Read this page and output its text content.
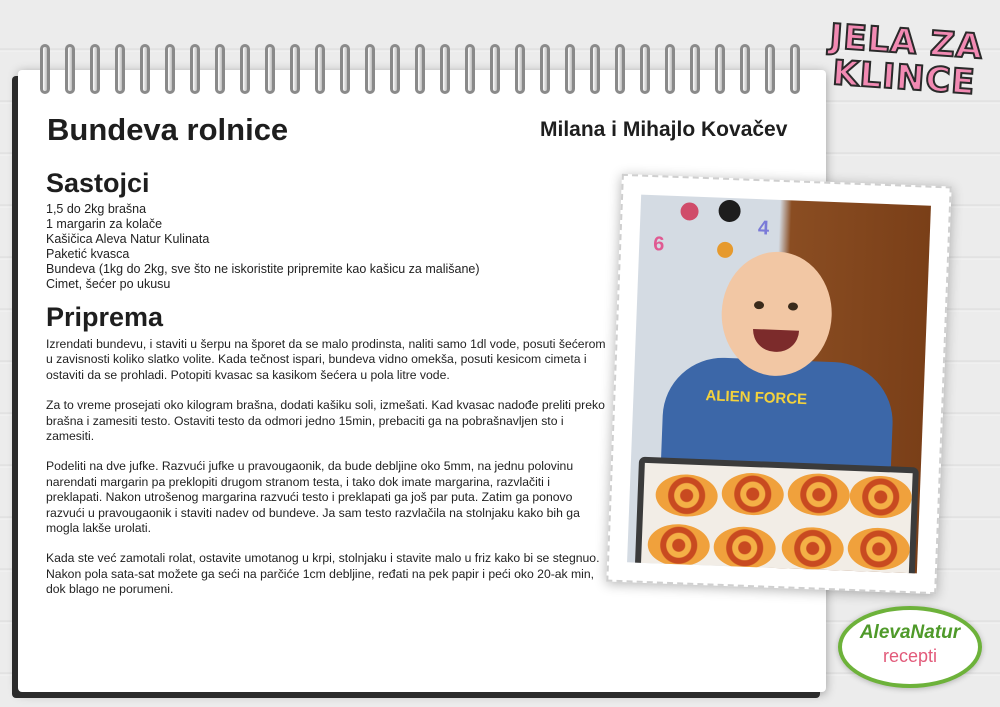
JELA ZA
KLINCE
Bundeva rolnice	Milana i Mihajlo Kovačev
Sastojci
1,5 do 2kg brašna
1 margarin za kolače
Kašičica Aleva Natur Kulinata
Paketić kvasca
Bundeva (1kg do 2kg, sve što ne iskoristite pripremite kao kašicu za mališane)
Cimet, šećer po ukusu
Priprema

Izrendati bundevu, i staviti u šerpu na šporet da se malo prodinsta, naliti samo 1dl vode, posuti šećerom u zavisnosti koliko slatko volite. Kada tečnost ispari, bundeva vidno omekša, posuti kesicom cimeta i ostaviti da se prohladi. Potopiti kvasac sa kasikom šećera u pola litre vode.

Za to vreme prosejati oko kilogram brašna, dodati kašiku soli, izmešati. Kad kvasac nadođe preliti preko brašna i zamesiti testo. Ostaviti testo da odmori jedno 15min, prebaciti ga na pobrašnavljen sto i zamesiti.

Podeliti na dve jufke. Razvući jufke u pravougaonik, da bude debljine oko 5mm, na jednu polovinu narendati margarin pa preklopiti drugom stranom testa, i tako dok imate margarina, razvlačiti i preklapati. Nakon utrošenog margarina razvući testo i preklapati ga još par puta. Zatim ga ponovo razvući u pravougaonik i staviti nadev od bundeve. Ja sam testo razvlačila na stolnjaku kako bih ga mogla lakše urolati.

Kada ste već zamotali rolat, ostavite umotanog u krpi, stolnjaku i stavite malo u friz kako bi se stegnuo. Nakon pola sata-sat možete ga seći na parčiće 1cm debljine, ređati na pek papir i peći oko 20-ak min, dok blago ne porumeni.

6
4
ALIEN FORCE
AlevaNatur
recepti
